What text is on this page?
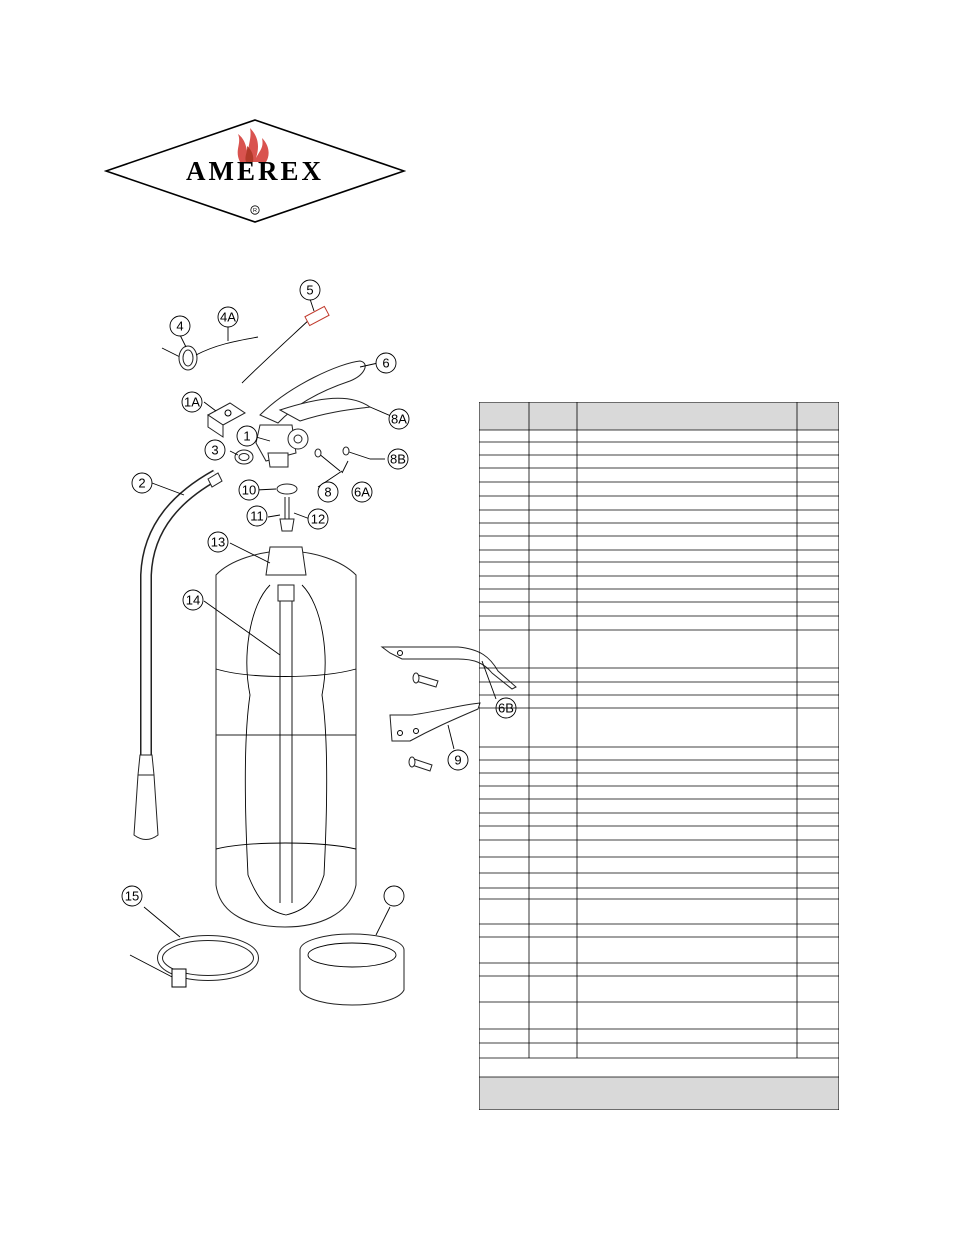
AMEREX
R
4
4A
5
6
1A
8A
1
3
8B
2	10	8 6A
11	12
13
14
6B
9
15
